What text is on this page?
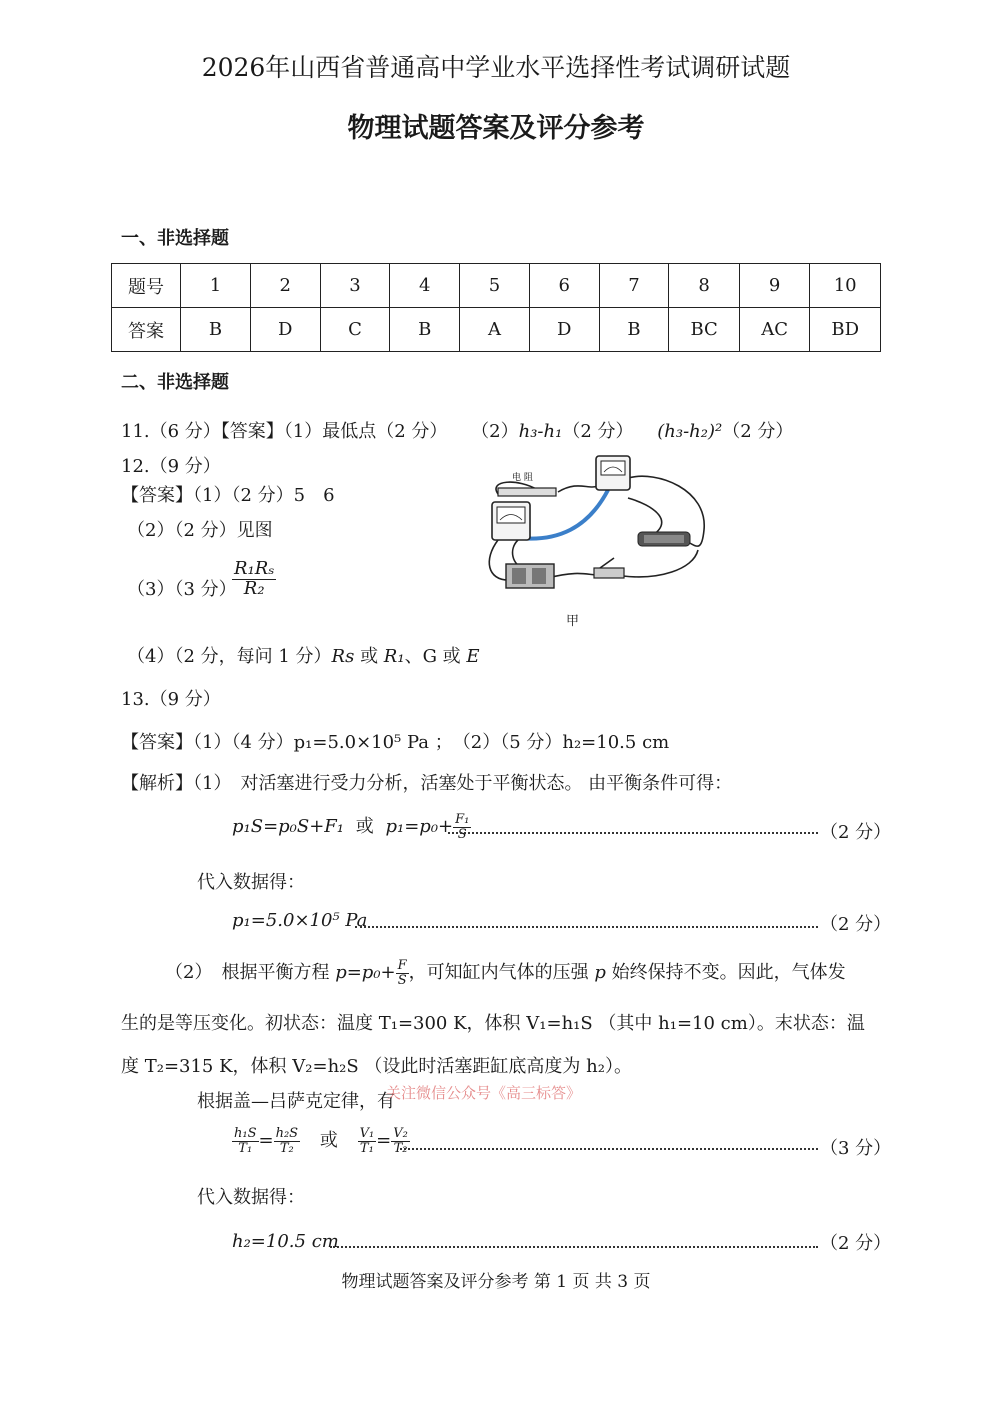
2026年山西省普通高中学业水平选择性考试调研试题
物理试题答案及评分参考
一、非选择题
题号	1	2	3	4	5	6	7	8	9	10
答案	B	D	C	B	A	D	B	BC	AC	BD
二、非选择题
11.（6 分）【答案】（1）最低点（2 分） （2）h₃-h₁（2 分） (h₃-h₂)²（2 分）
12.（9 分）
【答案】（1）（2 分）5　6
（2）（2 分）见图
（3）（3 分）
$\frac{\text{R₁Rₛ}}{\text{R₂}}$
（4）（2 分，每问 1 分）Rs 或 R₁、G 或 E
电 阻
甲
13.（9 分）
【答案】（1）（4 分）p₁=5.0×10⁵ Pa ；　（2）（5 分）h₂=10.5 cm
【解析】（1）　对活塞进行受力分析，活塞处于平衡状态。 由平衡条件可得：
p₁S=p₀S+F₁ 或 $p_1=p_0+ \frac{\text{F₁}}{S}$	（2 分）
代入数据得：
p₁=5.0×10⁵ Pa	（2 分）
（2）　根据平衡方程 $p=p_0+ \frac{F}{S}$ ，可知缸内气体的压强 p 始终保持不变。因此，气体发
生的是等压变化。初状态：温度 T₁=300 K，体积 V₁=h₁S （其中 h₁=10 cm）。末状态：温
度 T₂=315 K，体积 V₂=h₂S （设此时活塞距缸底高度为 h₂）。
根据盖—吕萨克定律，有
关注微信公众号《高三标答》
$\frac{\text{h₁S}}{\text{T₁}} = \frac{\text{h₂S}}{\text{T₂}}$ 或 $\frac{\text{V₁}}{\text{T₁}} = \frac{\text{V₂}}{\text{T₂}}$	（3 分）
代入数据得：
h₂=10.5 cm	（2 分）
物理试题答案及评分参考 第 1 页 共 3 页
